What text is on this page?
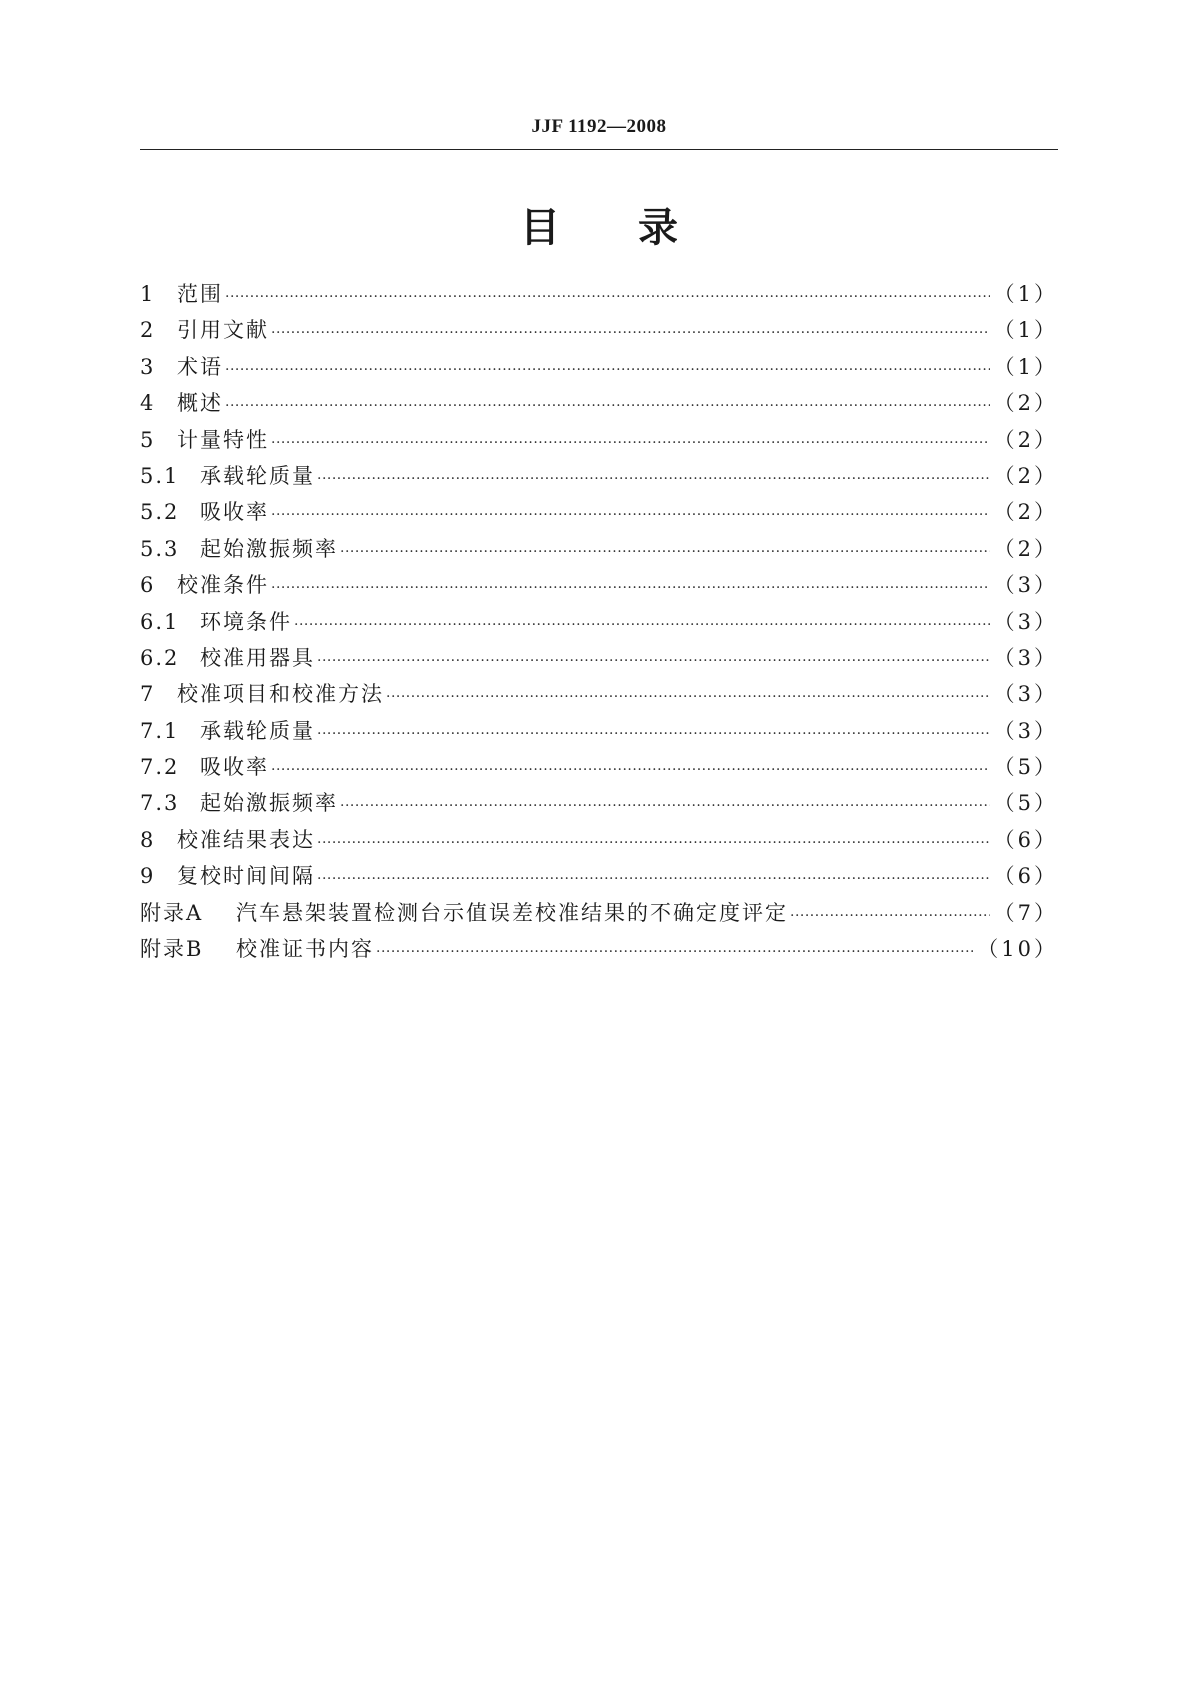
JJF 1192—2008
目录
1	范围 ·····	（1）
2	引用文献 ·····	（1）
3	术语 ·····	（1）
4	概述 ·····	（2）
5	计量特性 ·····	（2）
5.1 承载轮质量 ·····	（2）
5.2 吸收率 ·····	（2）
5.3 起始激振频率 ·····	（2）
6	校准条件 ·····	（3）
6.1 环境条件 ·····	（3）
6.2 校准用器具 ·····	（3）
7	校准项目和校准方法 ·····	（3）
7.1 承载轮质量 ·····	（3）
7.2 吸收率 ·····	（5）
7.3 起始激振频率 ·····	（5）
8	校准结果表达 ·····	（6）
9	复校时间间隔 ·····	（6）
附录A	汽车悬架装置检测台示值误差校准结果的不确定度评定 ·····	（7）
附录B	校准证书内容 ·····	（10）
